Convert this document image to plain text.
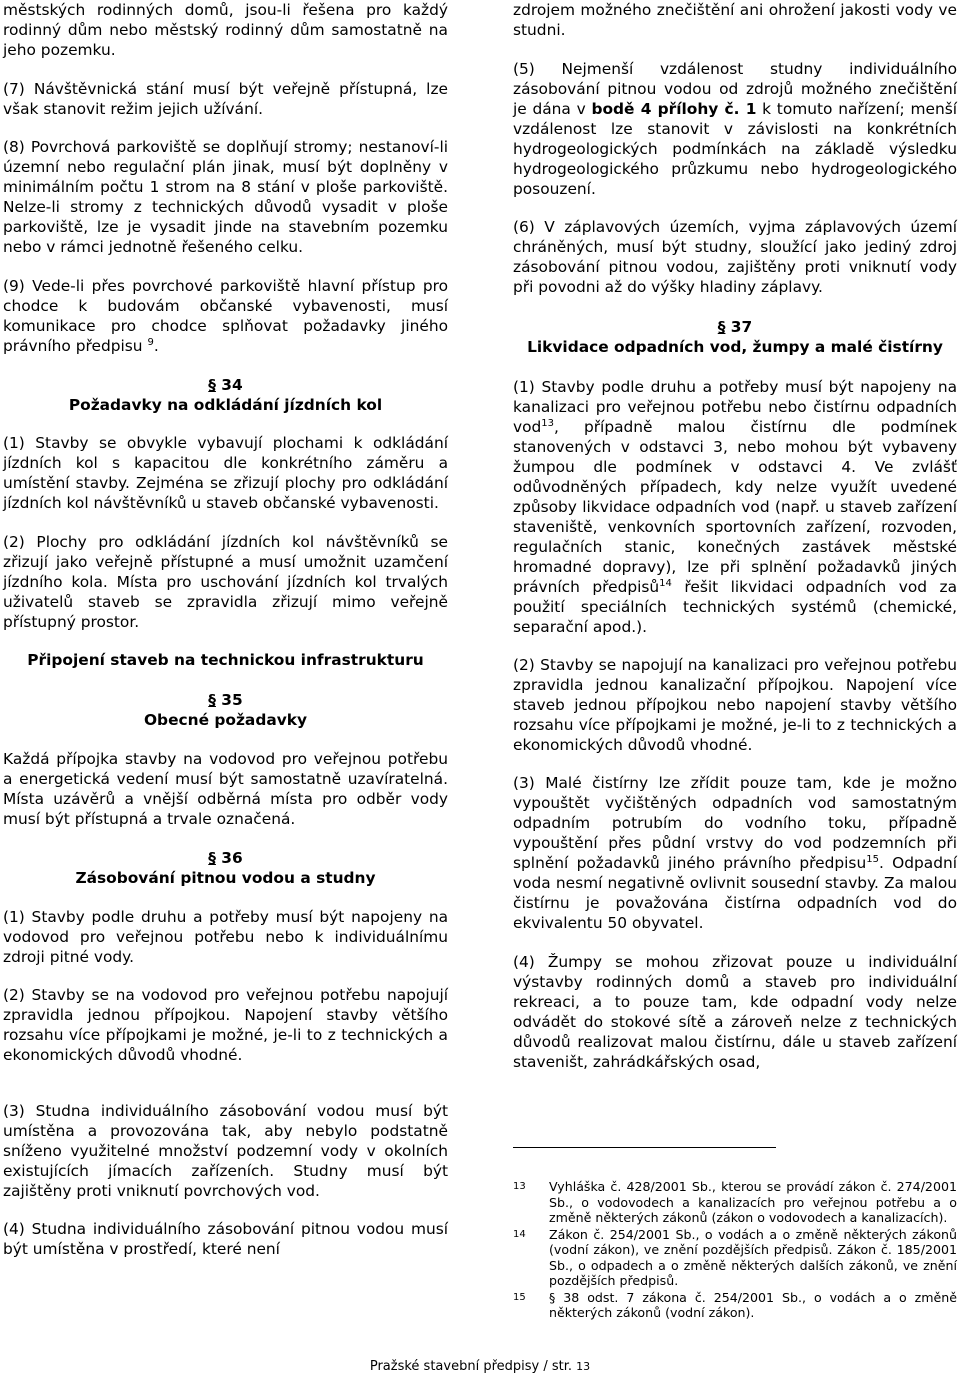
městských rodinných domů, jsou-li řešena pro každý rodinný dům nebo městský rodinný dům samostatně na jeho pozemku.

(7) Návštěvnická stání musí být veřejně přístupná, lze však stanovit režim jejich užívání.

(8) Povrchová parkoviště se doplňují stromy; nestanoví-li územní nebo regulační plán jinak, musí být doplněny v minimálním počtu 1 strom na 8 stání v ploše parkoviště. Nelze-li stromy z technických důvodů vysadit v ploše parkoviště, lze je vysadit jinde na stavebním pozemku nebo v rámci jednotně řešeného celku.

(9) Vede-li přes povrchové parkoviště hlavní přístup pro chodce k budovám občanské vybavenosti, musí komunikace pro chodce splňovat požadavky jiného právního předpisu $^9$.

§ 34

Požadavky na odkládání jízdních kol

(1) Stavby se obvykle vybavují plochami k odkládání jízdních kol s kapacitou dle konkrétního záměru a umístění stavby. Zejména se zřizují plochy pro odkládání jízdních kol návštěvníků u staveb občanské vybavenosti.

(2) Plochy pro odkládání jízdních kol návštěvníků se zřizují jako veřejně přístupné a musí umožnit uzamčení jízdního kola. Místa pro uschování jízdních kol trvalých uživatelů staveb se zpravidla zřizují mimo veřejně přístupný prostor.

Připojení staveb na technickou infrastrukturu

§ 35

Obecné požadavky

Každá přípojka stavby na vodovod pro veřejnou potřebu a energetická vedení musí být samostatně uzavíratelná. Místa uzávěrů a vnější odběrná místa pro odběr vody musí být přístupná a trvale označená.

§ 36

Zásobování pitnou vodou a studny

(1) Stavby podle druhu a potřeby musí být napojeny na vodovod pro veřejnou potřebu nebo k individuálnímu zdroji pitné vody.

(2) Stavby se na vodovod pro veřejnou potřebu napojují zpravidla jednou přípojkou. Napojení stavby většího rozsahu více přípojkami je možné, je-li to z technických a ekonomických důvodů vhodné.

(3) Studna individuálního zásobování vodou musí být umístěna a provozována tak, aby nebylo podstatně sníženo využitelné množství podzemní vody v okolních existujících jímacích zařízeních. Studny musí být zajištěny proti vniknutí povrchových vod.

(4) Studna individuálního zásobování pitnou vodou musí být umístěna v prostředí, které není

zdrojem možného znečištění ani ohrožení jakosti vody ve studni.

(5) Nejmenší vzdálenost studny individuálního zásobování pitnou vodou od zdrojů možného znečištění je dána v bodě 4 přílohy č. 1 k tomuto nařízení; menší vzdálenost lze stanovit v závislosti na konkrétních hydrogeologických podmínkách na základě výsledku hydrogeologického průzkumu nebo hydrogeologického posouzení.

(6) V záplavových územích, vyjma záplavových území chráněných, musí být studny, sloužící jako jediný zdroj zásobování pitnou vodou, zajištěny proti vniknutí vody při povodni až do výšky hladiny záplavy.

§ 37

Likvidace odpadních vod, žumpy a malé čistírny

(1) Stavby podle druhu a potřeby musí být napojeny na kanalizaci pro veřejnou potřebu nebo čistírnu odpadních vod$^{13}$, případně malou čistírnu dle podmínek stanovených v odstavci 3, nebo mohou být vybaveny žumpou dle podmínek v odstavci 4. Ve zvlášť odůvodněných případech, kdy nelze využít uvedené způsoby likvidace odpadních vod (např. u staveb zařízení staveniště, venkovních sportovních zařízení, rozvoden, regulačních stanic, konečných zastávek městské hromadné dopravy), lze při splnění požadavků jiných právních předpisů$^{14}$ řešit likvidaci odpadních vod za použití speciálních technických systémů (chemické, separační apod.).

(2) Stavby se napojují na kanalizaci pro veřejnou potřebu zpravidla jednou kanalizační přípojkou. Napojení více staveb jednou přípojkou nebo napojení stavby většího rozsahu více přípojkami je možné, je-li to z technických a ekonomických důvodů vhodné.

(3) Malé čistírny lze zřídit pouze tam, kde je možno vypouštět vyčištěných odpadních vod samostatným odpadním potrubím do vodního toku, případně vypouštění přes půdní vrstvy do vod podzemních při splnění požadavků jiného právního předpisu$^{15}$. Odpadní voda nesmí negativně ovlivnit sousední stavby. Za malou čistírnu je považována čistírna odpadních vod do ekvivalentu 50 obyvatel.

(4) Žumpy se mohou zřizovat pouze u individuální výstavby rodinných domů a staveb pro individuální rekreaci, a to pouze tam, kde odpadní vody nelze odvádět do stokové sítě a zároveň nelze z technických důvodů realizovat malou čistírnu, dále u staveb zařízení staveništ, zahrádkářských osad,

13	Vyhláška č. 428/2001 Sb., kterou se provádí zákon č. 274/2001 Sb., o vodovodech a kanalizacích pro veřejnou potřebu a o změně některých zákonů (zákon o vodovodech a kanalizacích).
14	Zákon č. 254/2001 Sb., o vodách a o změně některých zákonů (vodní zákon), ve znění pozdějších předpisů. Zákon č. 185/2001 Sb., o odpadech a o změně některých dalších zákonů, ve znění pozdějších předpisů.
15	§ 38 odst. 7 zákona č. 254/2001 Sb., o vodách a o změně některých zákonů (vodní zákon).
Pražské stavební předpisy / str. 13
